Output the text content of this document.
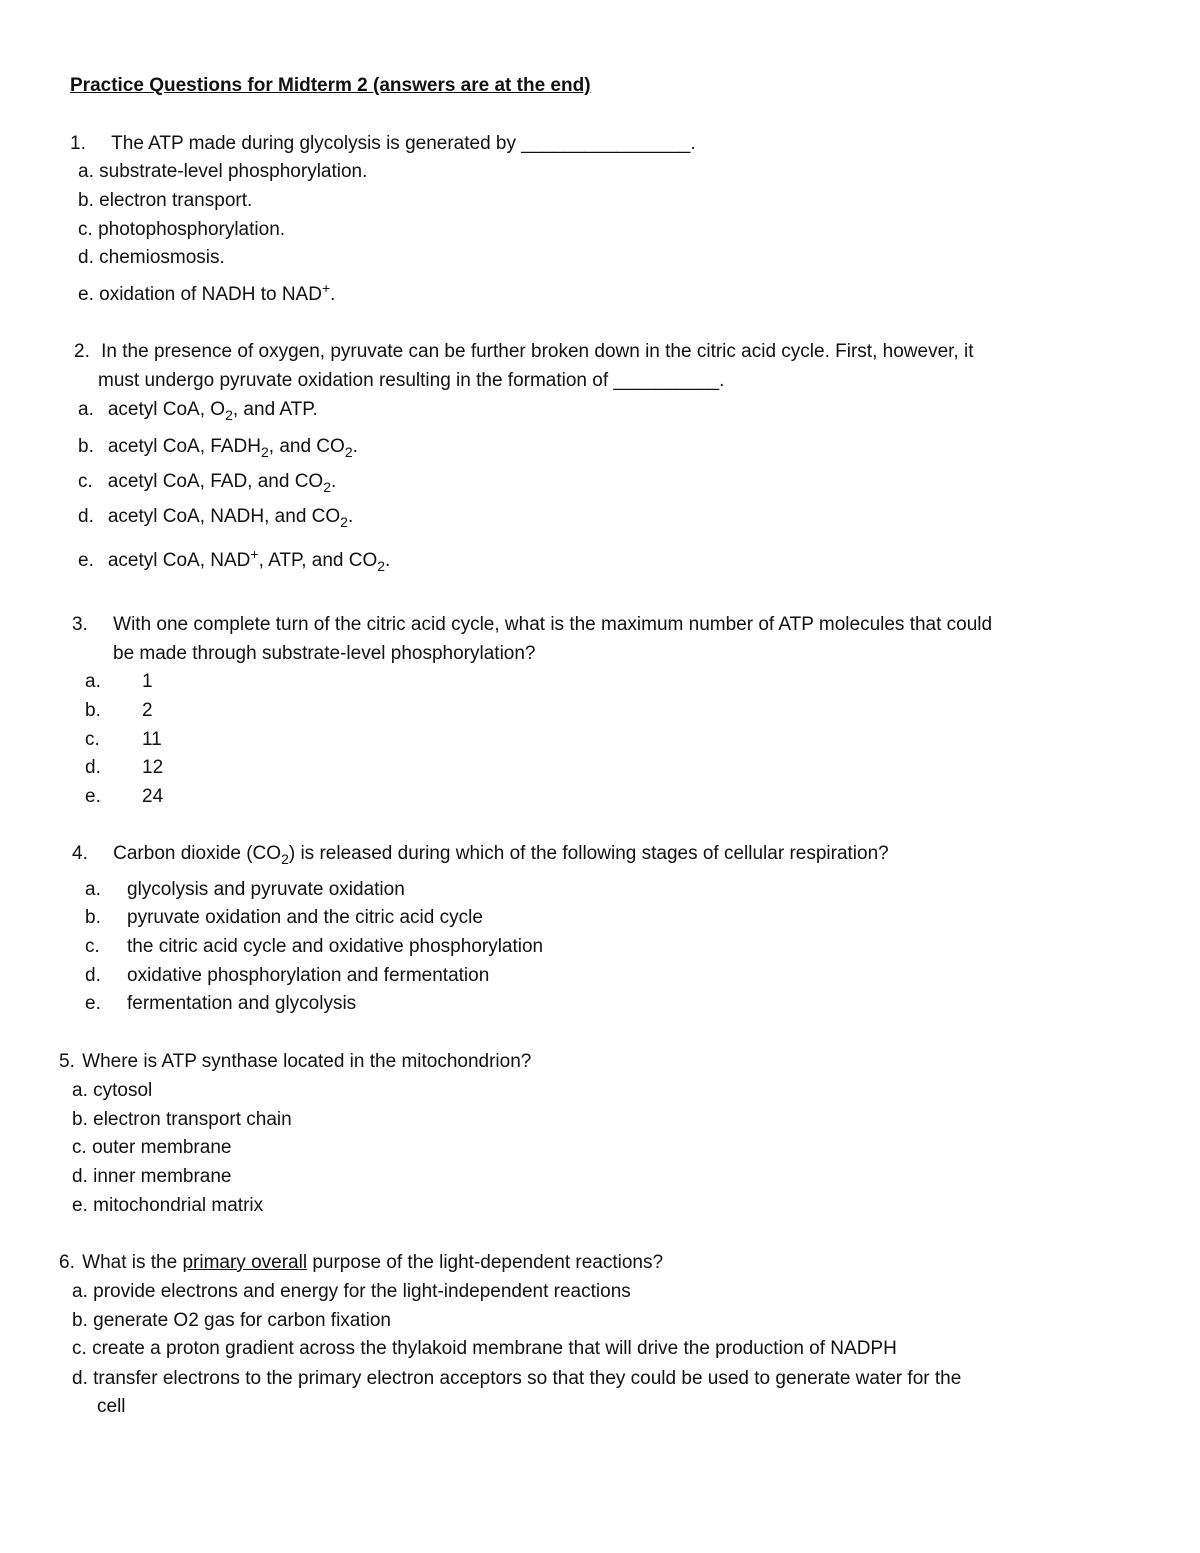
Practice Questions for Midterm 2 (answers are at the end)
1. The ATP made during glycolysis is generated by ________________.
a. substrate-level phosphorylation.
b. electron transport.
c. photophosphorylation.
d. chemiosmosis.
e. oxidation of NADH to NAD+.
2. In the presence of oxygen, pyruvate can be further broken down in the citric acid cycle. First, however, it
must undergo pyruvate oxidation resulting in the formation of __________.
a. acetyl CoA, $O_2$, and ATP.
b. acetyl CoA, $FADH_2$, and $CO_2$.
c. acetyl CoA, FAD, and $CO_2$.
d. acetyl CoA, NADH, and $CO_2$.
e. acetyl CoA, NAD+, ATP, and $CO_2$.
3. With one complete turn of the citric acid cycle, what is the maximum number of ATP molecules that could
be made through substrate-level phosphorylation?
a. 1
b. 2
c. 11
d. 12
e. 24
4. Carbon dioxide $(CO_2)$ is released during which of the following stages of cellular respiration?
a. glycolysis and pyruvate oxidation
b. pyruvate oxidation and the citric acid cycle
c. the citric acid cycle and oxidative phosphorylation
d. oxidative phosphorylation and fermentation
e. fermentation and glycolysis
5. Where is ATP synthase located in the mitochondrion?
a. cytosol
b. electron transport chain
c. outer membrane
d. inner membrane
e. mitochondrial matrix
6. What is the primary overall purpose of the light-dependent reactions?
a. provide electrons and energy for the light-independent reactions
b. generate O2 gas for carbon fixation
c. create a proton gradient across the thylakoid membrane that will drive the production of NADPH
d. transfer electrons to the primary electron acceptors so that they could be used to generate water for the
cell
